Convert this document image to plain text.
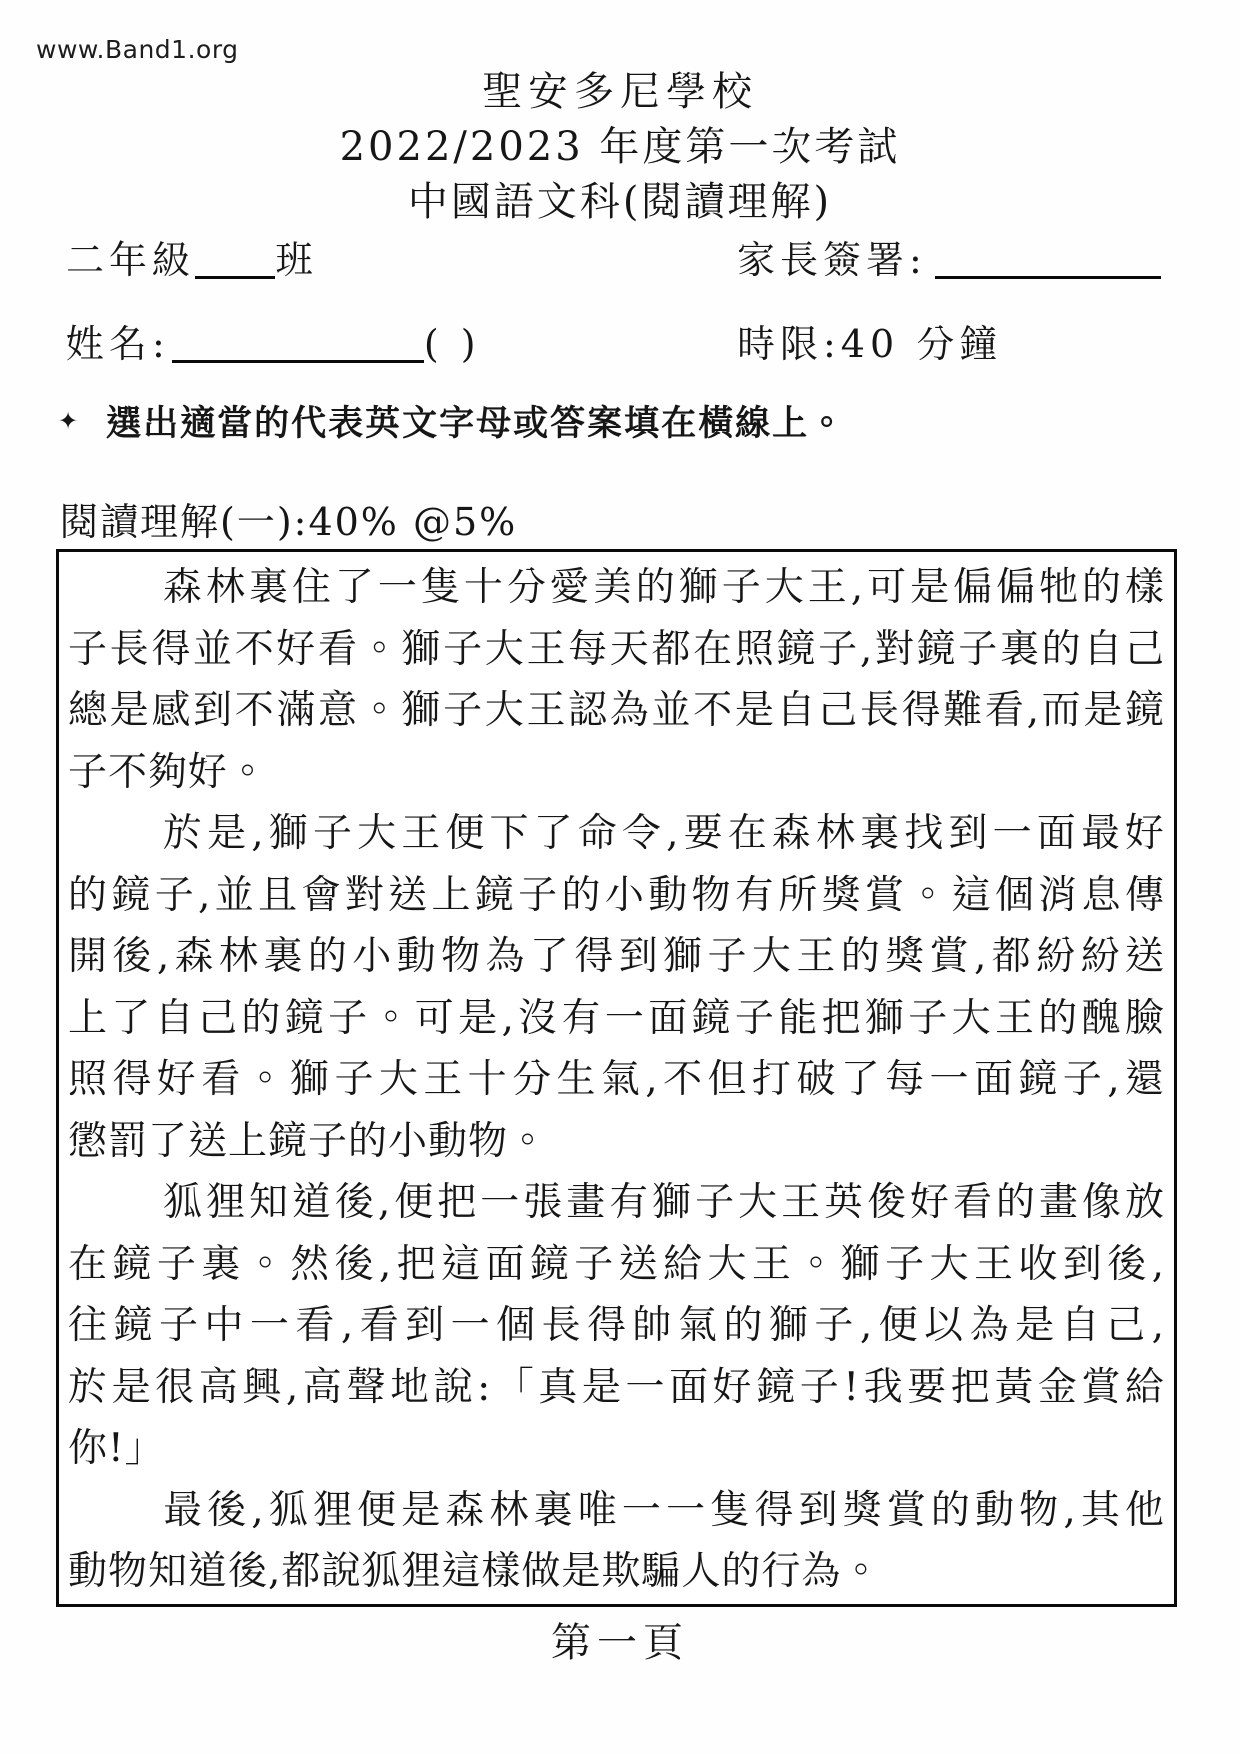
www.Band1.org
聖安多尼學校
2022/2023 年度第一次考試
中國語文科(閱讀理解)
二年級 班	家長簽署:
姓名:	( )	時限:40 分鐘
✦ 選出適當的代表英文字母或答案填在橫線上。
閱讀理解(一):40% @5%
森林裏住了一隻十分愛美的獅子大王,可是偏偏牠的樣
子長得並不好看。獅子大王每天都在照鏡子,對鏡子裏的自己
總是感到不滿意。獅子大王認為並不是自己長得難看,而是鏡
子不夠好。
於是,獅子大王便下了命令,要在森林裏找到一面最好
的鏡子,並且會對送上鏡子的小動物有所獎賞。這個消息傳
開後,森林裏的小動物為了得到獅子大王的獎賞,都紛紛送
上了自己的鏡子。可是,沒有一面鏡子能把獅子大王的醜臉
照得好看。獅子大王十分生氣,不但打破了每一面鏡子,還
懲罰了送上鏡子的小動物。
狐狸知道後,便把一張畫有獅子大王英俊好看的畫像放
在鏡子裏。然後,把這面鏡子送給大王。獅子大王收到後,
往鏡子中一看,看到一個長得帥氣的獅子,便以為是自己,
於是很高興,高聲地說:「真是一面好鏡子!我要把黃金賞給
你!」
最後,狐狸便是森林裏唯一一隻得到獎賞的動物,其他
動物知道後,都說狐狸這樣做是欺騙人的行為。
第一頁
